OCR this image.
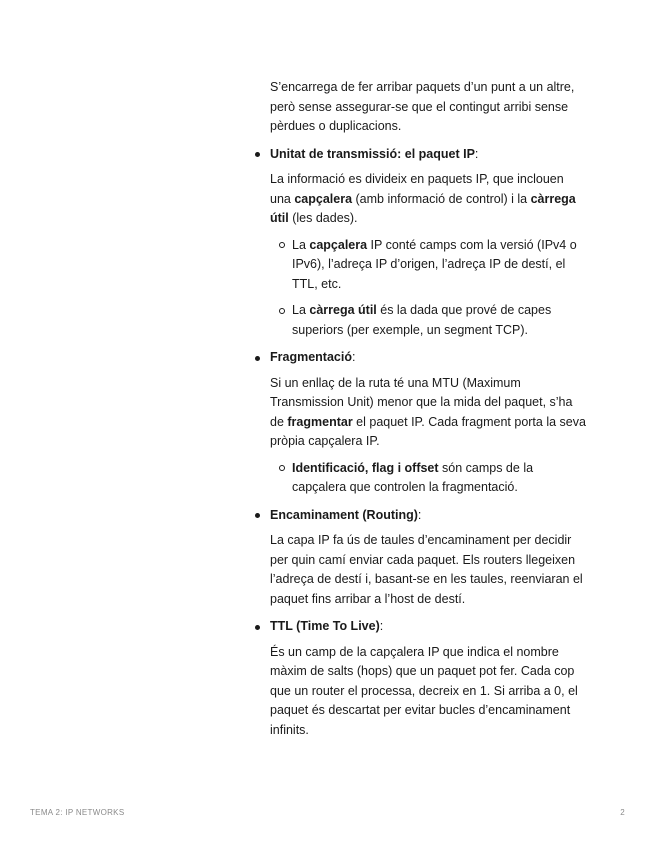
S’encarrega de fer arribar paquets d’un punt a un altre, però sense assegurar-se que el contingut arribi sense pèrdues o duplicacions.

Unitat de transmissió: el paquet IP:

La informació es divideix en paquets IP, que inclouen una capçalera (amb informació de control) i la càrrega útil (les dades).

La capçalera IP conté camps com la versió (IPv4 o IPv6), l’adreça IP d’origen, l’adreça IP de destí, el TTL, etc.

La càrrega útil és la dada que prové de capes superiors (per exemple, un segment TCP).

Fragmentació:

Si un enllaç de la ruta té una MTU (Maximum Transmission Unit) menor que la mida del paquet, s’ha de fragmentar el paquet IP. Cada fragment porta la seva pròpia capçalera IP.

Identificació, flag i offset són camps de la capçalera que controlen la fragmentació.

Encaminament (Routing):

La capa IP fa ús de taules d’encaminament per decidir per quin camí enviar cada paquet. Els routers llegeixen l’adreça de destí i, basant-se en les taules, reenviaran el paquet fins arribar a l’host de destí.

TTL (Time To Live):

És un camp de la capçalera IP que indica el nombre màxim de salts (hops) que un paquet pot fer. Cada cop que un router el processa, decreix en 1. Si arriba a 0, el paquet és descartat per evitar bucles d’encaminament infinits.

TEMA 2: IP NETWORKS	2
